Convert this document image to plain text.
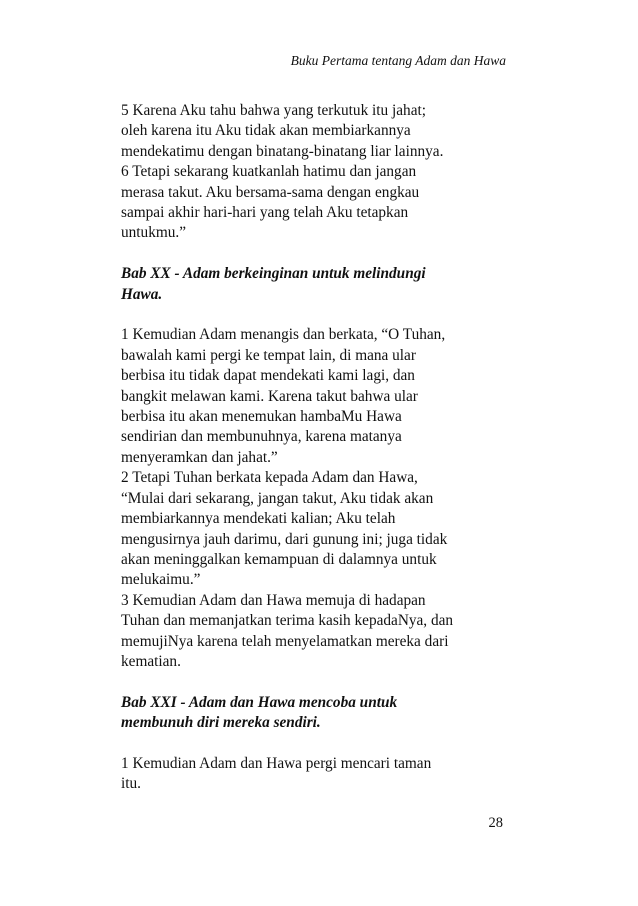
Buku Pertama tentang Adam dan Hawa
5 Karena Aku tahu bahwa yang terkutuk itu jahat;
oleh karena itu Aku tidak akan membiarkannya
mendekatimu dengan binatang-binatang liar lainnya.
6 Tetapi sekarang kuatkanlah hatimu dan jangan
merasa takut. Aku bersama-sama dengan engkau
sampai akhir hari-hari yang telah Aku tetapkan
untukmu.”
Bab XX - Adam berkeinginan untuk melindungi
Hawa.
1 Kemudian Adam menangis dan berkata, “O Tuhan,
bawalah kami pergi ke tempat lain, di mana ular
berbisa itu tidak dapat mendekati kami lagi, dan
bangkit melawan kami. Karena takut bahwa ular
berbisa itu akan menemukan hambaMu Hawa
sendirian dan membunuhnya, karena matanya
menyeramkan dan jahat.”
2 Tetapi Tuhan berkata kepada Adam dan Hawa,
“Mulai dari sekarang, jangan takut, Aku tidak akan
membiarkannya mendekati kalian; Aku telah
mengusirnya jauh darimu, dari gunung ini; juga tidak
akan meninggalkan kemampuan di dalamnya untuk
melukaimu.”
3 Kemudian Adam dan Hawa memuja di hadapan
Tuhan dan memanjatkan terima kasih kepadaNya, dan
memujiNya karena telah menyelamatkan mereka dari
kematian.
Bab XXI - Adam dan Hawa mencoba untuk
membunuh diri mereka sendiri.
1 Kemudian Adam dan Hawa pergi mencari taman
itu.
28
